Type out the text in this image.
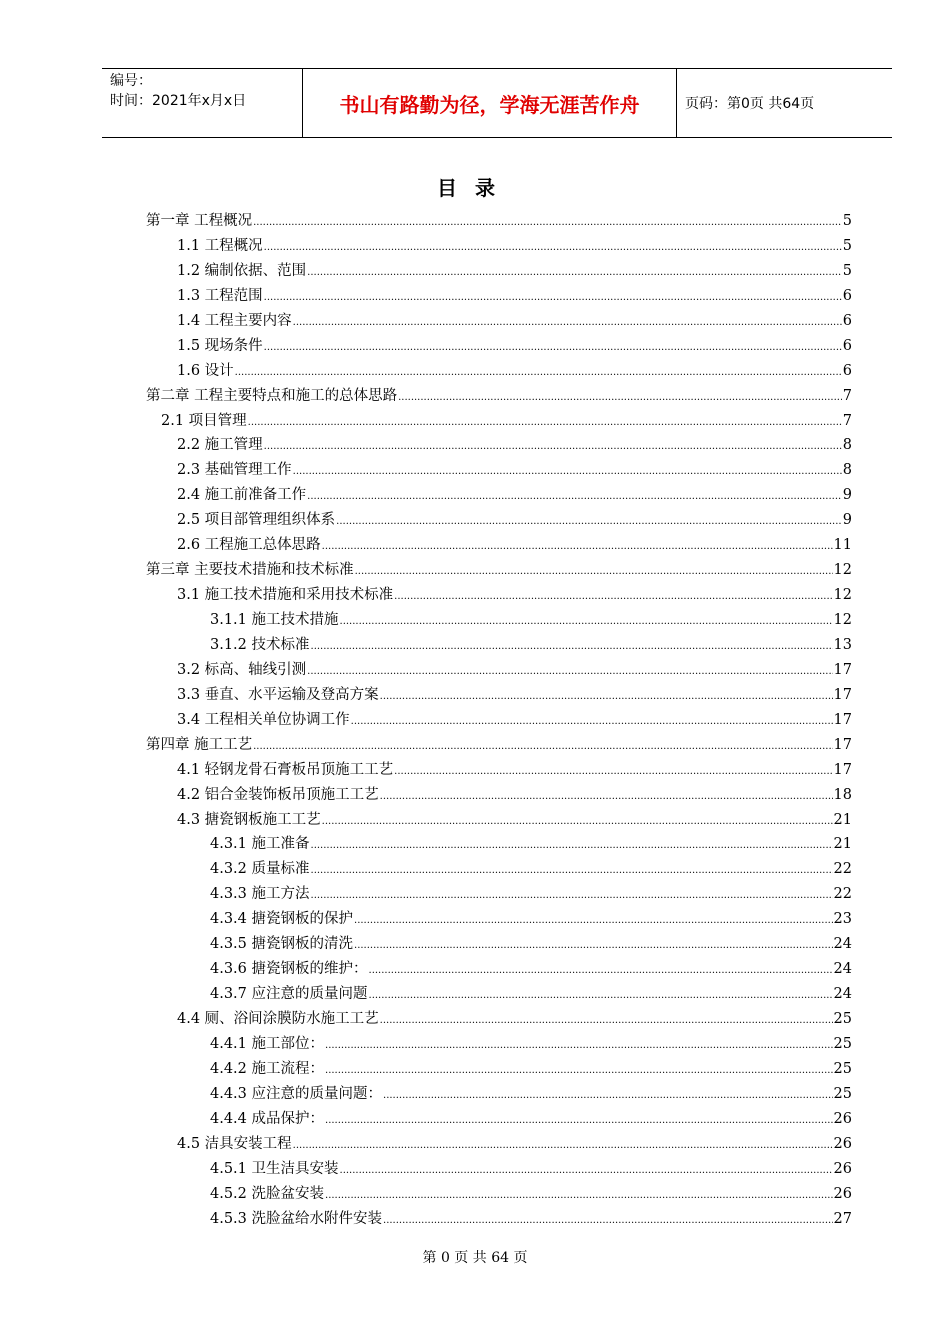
编号：
时间：2021年x月x日	书山有路勤为径，学海无涯苦作舟	页码：第0页 共64页
目录
第一章 工程概况 .....	5
1.1 工程概况 .....	5
1.2 编制依据、范围 .....	5
1.3 工程范围 .....	6
1.4 工程主要内容 .....	6
1.5 现场条件 .....	6
1.6 设计 .....	6
第二章 工程主要特点和施工的总体思路 .....	7
2.1 项目管理 .....	7
2.2 施工管理 .....	8
2.3 基础管理工作 .....	8
2.4 施工前准备工作 .....	9
2.5 项目部管理组织体系 .....	9
2.6 工程施工总体思路 .....	11
第三章 主要技术措施和技术标准 .....	12
3.1 施工技术措施和采用技术标准 .....	12
3.1.1 施工技术措施 .....	12
3.1.2 技术标准 .....	13
3.2 标高、轴线引测 .....	17
3.3 垂直、水平运输及登高方案 .....	17
3.4 工程相关单位协调工作 .....	17
第四章 施工工艺 .....	17
4.1 轻钢龙骨石膏板吊顶施工工艺 .....	17
4.2 铝合金装饰板吊顶施工工艺 .....	18
4.3 搪瓷钢板施工工艺 .....	21
4.3.1 施工准备 .....	21
4.3.2 质量标准 .....	22
4.3.3 施工方法 .....	22
4.3.4 搪瓷钢板的保护 .....	23
4.3.5 搪瓷钢板的清洗 .....	24
4.3.6 搪瓷钢板的维护： .....	24
4.3.7 应注意的质量问题 .....	24
4.4 厕、浴间涂膜防水施工工艺 .....	25
4.4.1 施工部位： .....	25
4.4.2 施工流程： .....	25
4.4.3 应注意的质量问题： .....	25
4.4.4 成品保护： .....	26
4.5 洁具安装工程 .....	26
4.5.1 卫生洁具安装 .....	26
4.5.2 洗脸盆安装 .....	26
4.5.3 洗脸盆给水附件安装 .....	27
第 0 页 共 64 页
